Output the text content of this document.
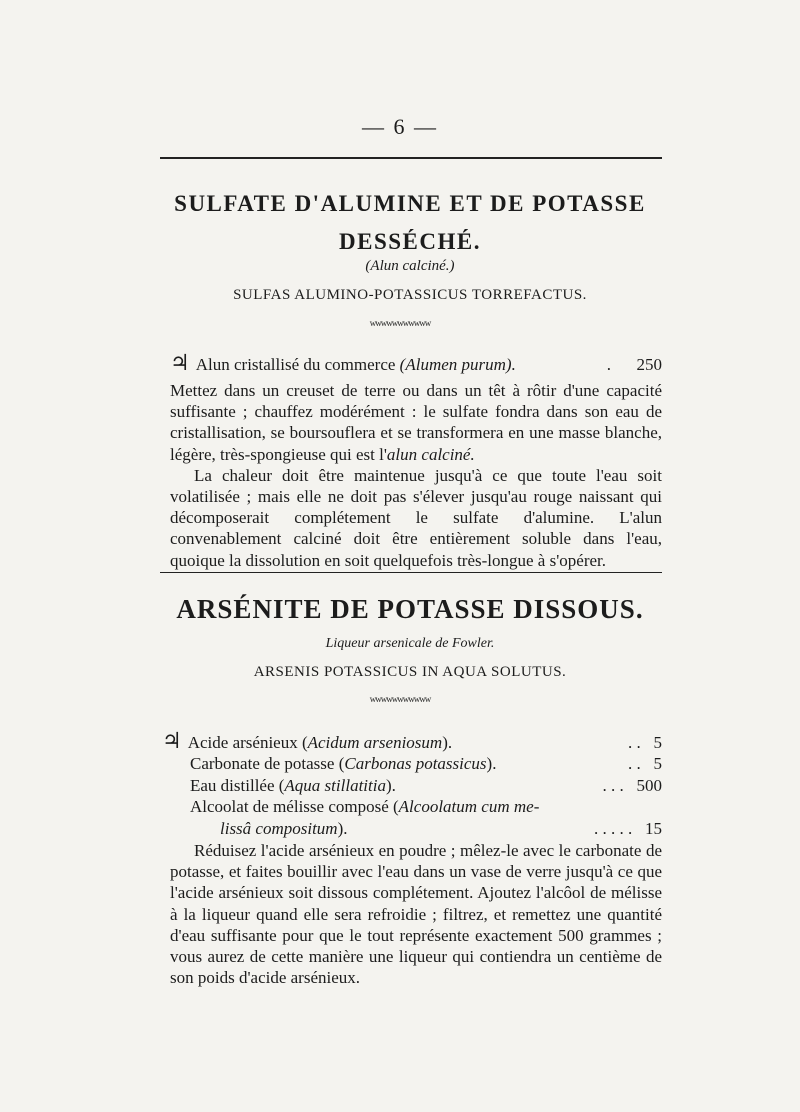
— 6 —
SULFATE D'ALUMINE ET DE POTASSE DESSÉCHÉ.
(Alun calciné.)
SULFAS ALUMINO-POTASSICUS TORREFACTUS.
wwwwwwwwwww
♃ Alun cristallisé du commerce
(Alumen purum).	. 250

Mettez dans un creuset de terre ou dans un têt à rôtir d'une capacité suffisante ; chauffez modérément : le sulfate fondra dans son eau de cristallisation, se boursouflera et se transformera en une masse blanche, légère, très-spongieuse qui est l'alun calciné.

La chaleur doit être maintenue jusqu'à ce que toute l'eau soit volatilisée ; mais elle ne doit pas s'élever jusqu'au rouge naissant qui décomposerait complétement le sulfate d'alumine. L'alun convenablement calciné doit être entièrement soluble dans l'eau, quoique la dissolution en soit quelquefois très-longue à s'opérer.

ARSÉNITE DE POTASSE DISSOUS.
Liqueur arsenicale de Fowler.
ARSENIS POTASSICUS IN AQUA SOLUTUS.
wwwwwwwwwww
♃ Acide arsénieux (Acidum arseniosum).	. . 5
Carbonate de potasse (Carbonas potassicus).	. . 5
Eau distillée (Aqua stillatitia).	. . . 500
Alcoolat de mélisse composé (Alcoolatum cum me-
lissâ compositum).	. . . . . 15

Réduisez l'acide arsénieux en poudre ; mêlez-le avec le carbonate de potasse, et faites bouillir avec l'eau dans un vase de verre jusqu'à ce que l'acide arsénieux soit dissous complétement. Ajoutez l'alcôol de mélisse à la liqueur quand elle sera refroidie ; filtrez, et remettez une quantité d'eau suffisante pour que le tout représente exactement 500 grammes ; vous aurez de cette manière une liqueur qui contiendra un centième de son poids d'acide arsénieux.
